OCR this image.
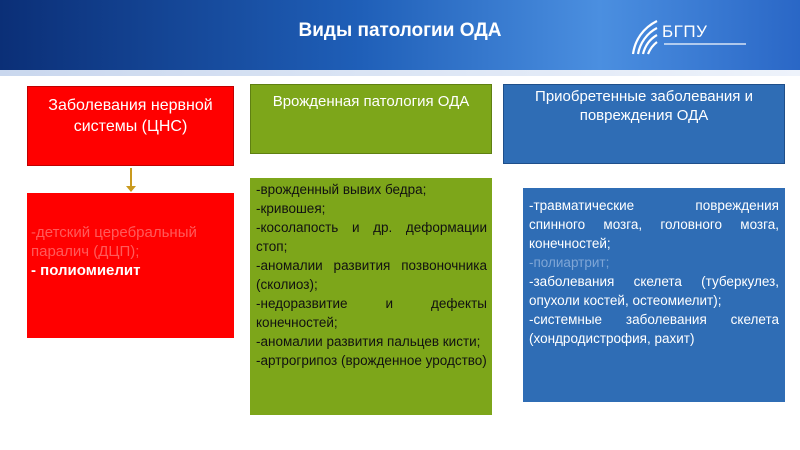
Виды патологии ОДА	БГПУ
Заболевания нервной системы (ЦНС)
Врожденная патология ОДА	Приобретенные заболевания и повреждения ОДА
-детский церебральный паралич (ДЦП);
- полиомиелит
-врожденный вывих бедра;
-кривошея;
-косолапость и др. деформации стоп;
-аномалии развития позвоночника (сколиоз);
-недоразвитие и дефекты конечностей;
-аномалии развития пальцев кисти;
-артрогрипоз (врожденное уродство)
-травматические повреждения спинного мозга, головного мозга, конечностей;
-полиартрит;
-заболевания скелета (туберкулез, опухоли костей, остеомиелит);
-системные заболевания скелета (хондродистрофия, рахит)
